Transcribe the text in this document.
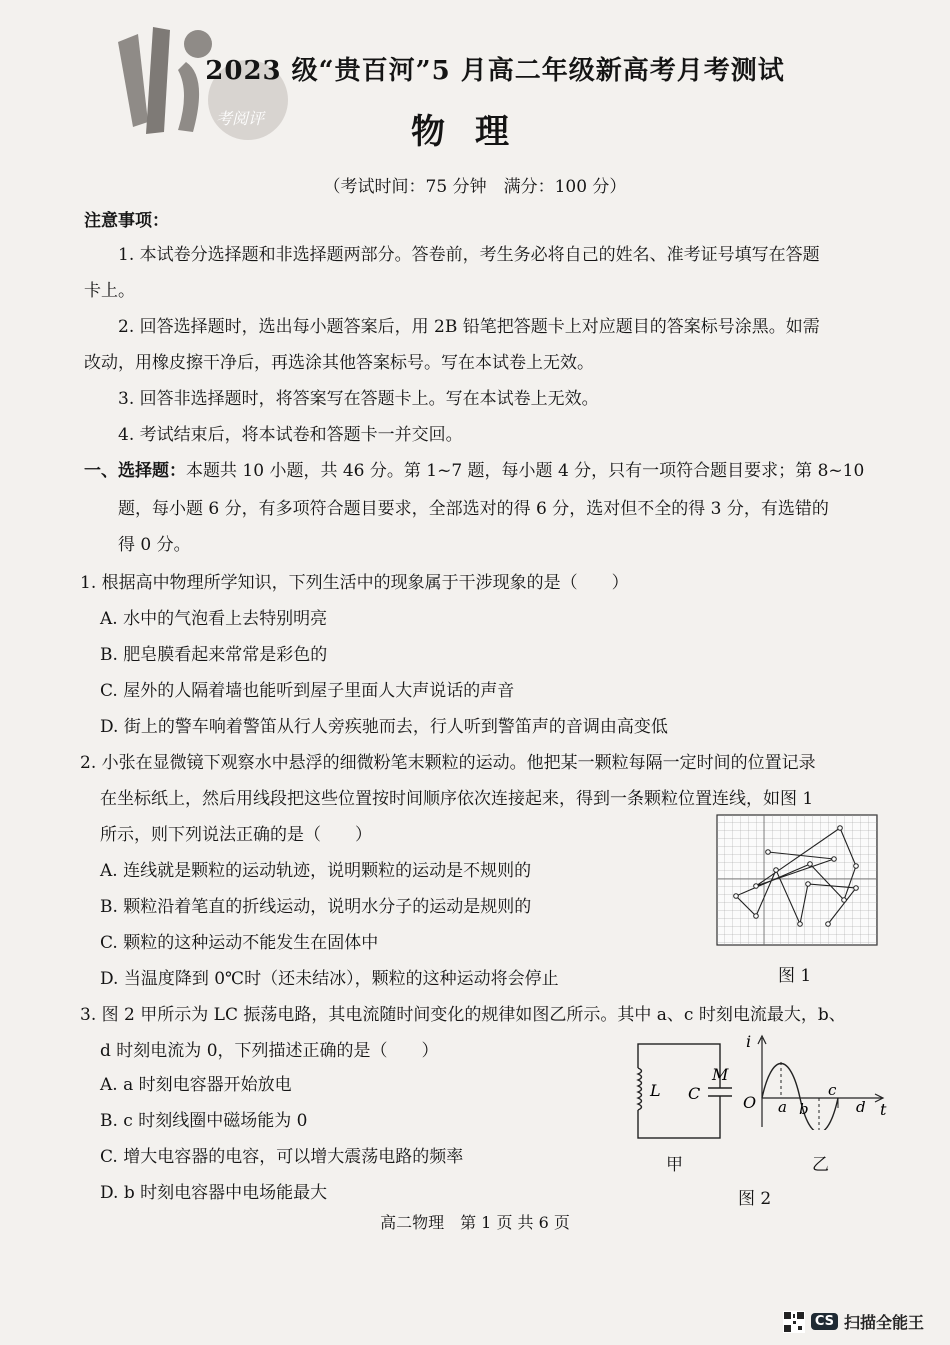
考阅评
2023 级“贵百河”5 月高二年级新高考月考测试
物理
（考试时间：75 分钟　满分：100 分）
注意事项：
1. 本试卷分选择题和非选择题两部分。答卷前，考生务必将自己的姓名、准考证号填写在答题
卡上。
2. 回答选择题时，选出每小题答案后，用 2B 铅笔把答题卡上对应题目的答案标号涂黑。如需
改动，用橡皮擦干净后，再选涂其他答案标号。写在本试卷上无效。
3. 回答非选择题时，将答案写在答题卡上。写在本试卷上无效。
4. 考试结束后，将本试卷和答题卡一并交回。
一、选择题：本题共 10 小题，共 46 分。第 1~7 题，每小题 4 分，只有一项符合题目要求；第 8~10
题，每小题 6 分，有多项符合题目要求，全部选对的得 6 分，选对但不全的得 3 分，有选错的
得 0 分。
1. 根据高中物理所学知识，下列生活中的现象属于干涉现象的是（　　）
A. 水中的气泡看上去特别明亮
B. 肥皂膜看起来常常是彩色的
C. 屋外的人隔着墙也能听到屋子里面人大声说话的声音
D. 街上的警车响着警笛从行人旁疾驰而去，行人听到警笛声的音调由高变低
2. 小张在显微镜下观察水中悬浮的细微粉笔末颗粒的运动。他把某一颗粒每隔一定时间的位置记录
在坐标纸上，然后用线段把这些位置按时间顺序依次连接起来，得到一条颗粒位置连线，如图 1
所示，则下列说法正确的是（　　）
A. 连线就是颗粒的运动轨迹，说明颗粒的运动是不规则的
B. 颗粒沿着笔直的折线运动，说明水分子的运动是规则的
C. 颗粒的这种运动不能发生在固体中
D. 当温度降到 0℃时（还未结冰），颗粒的这种运动将会停止	图 1
3. 图 2 甲所示为 LC 振荡电路，其电流随时间变化的规律如图乙所示。其中 a、c 时刻电流最大，b、
d 时刻电流为 0，下列描述正确的是（　　）
A. a 时刻电容器开始放电
B. c 时刻线圈中磁场能为 0
C. 增大电容器的电容，可以增大震荡电路的频率
D. b 时刻电容器中电场能最大
L C
M
甲
i
t
O a b
c
d
乙
图 2
高二物理　第 1 页 共 6 页
CS 扫描全能王
